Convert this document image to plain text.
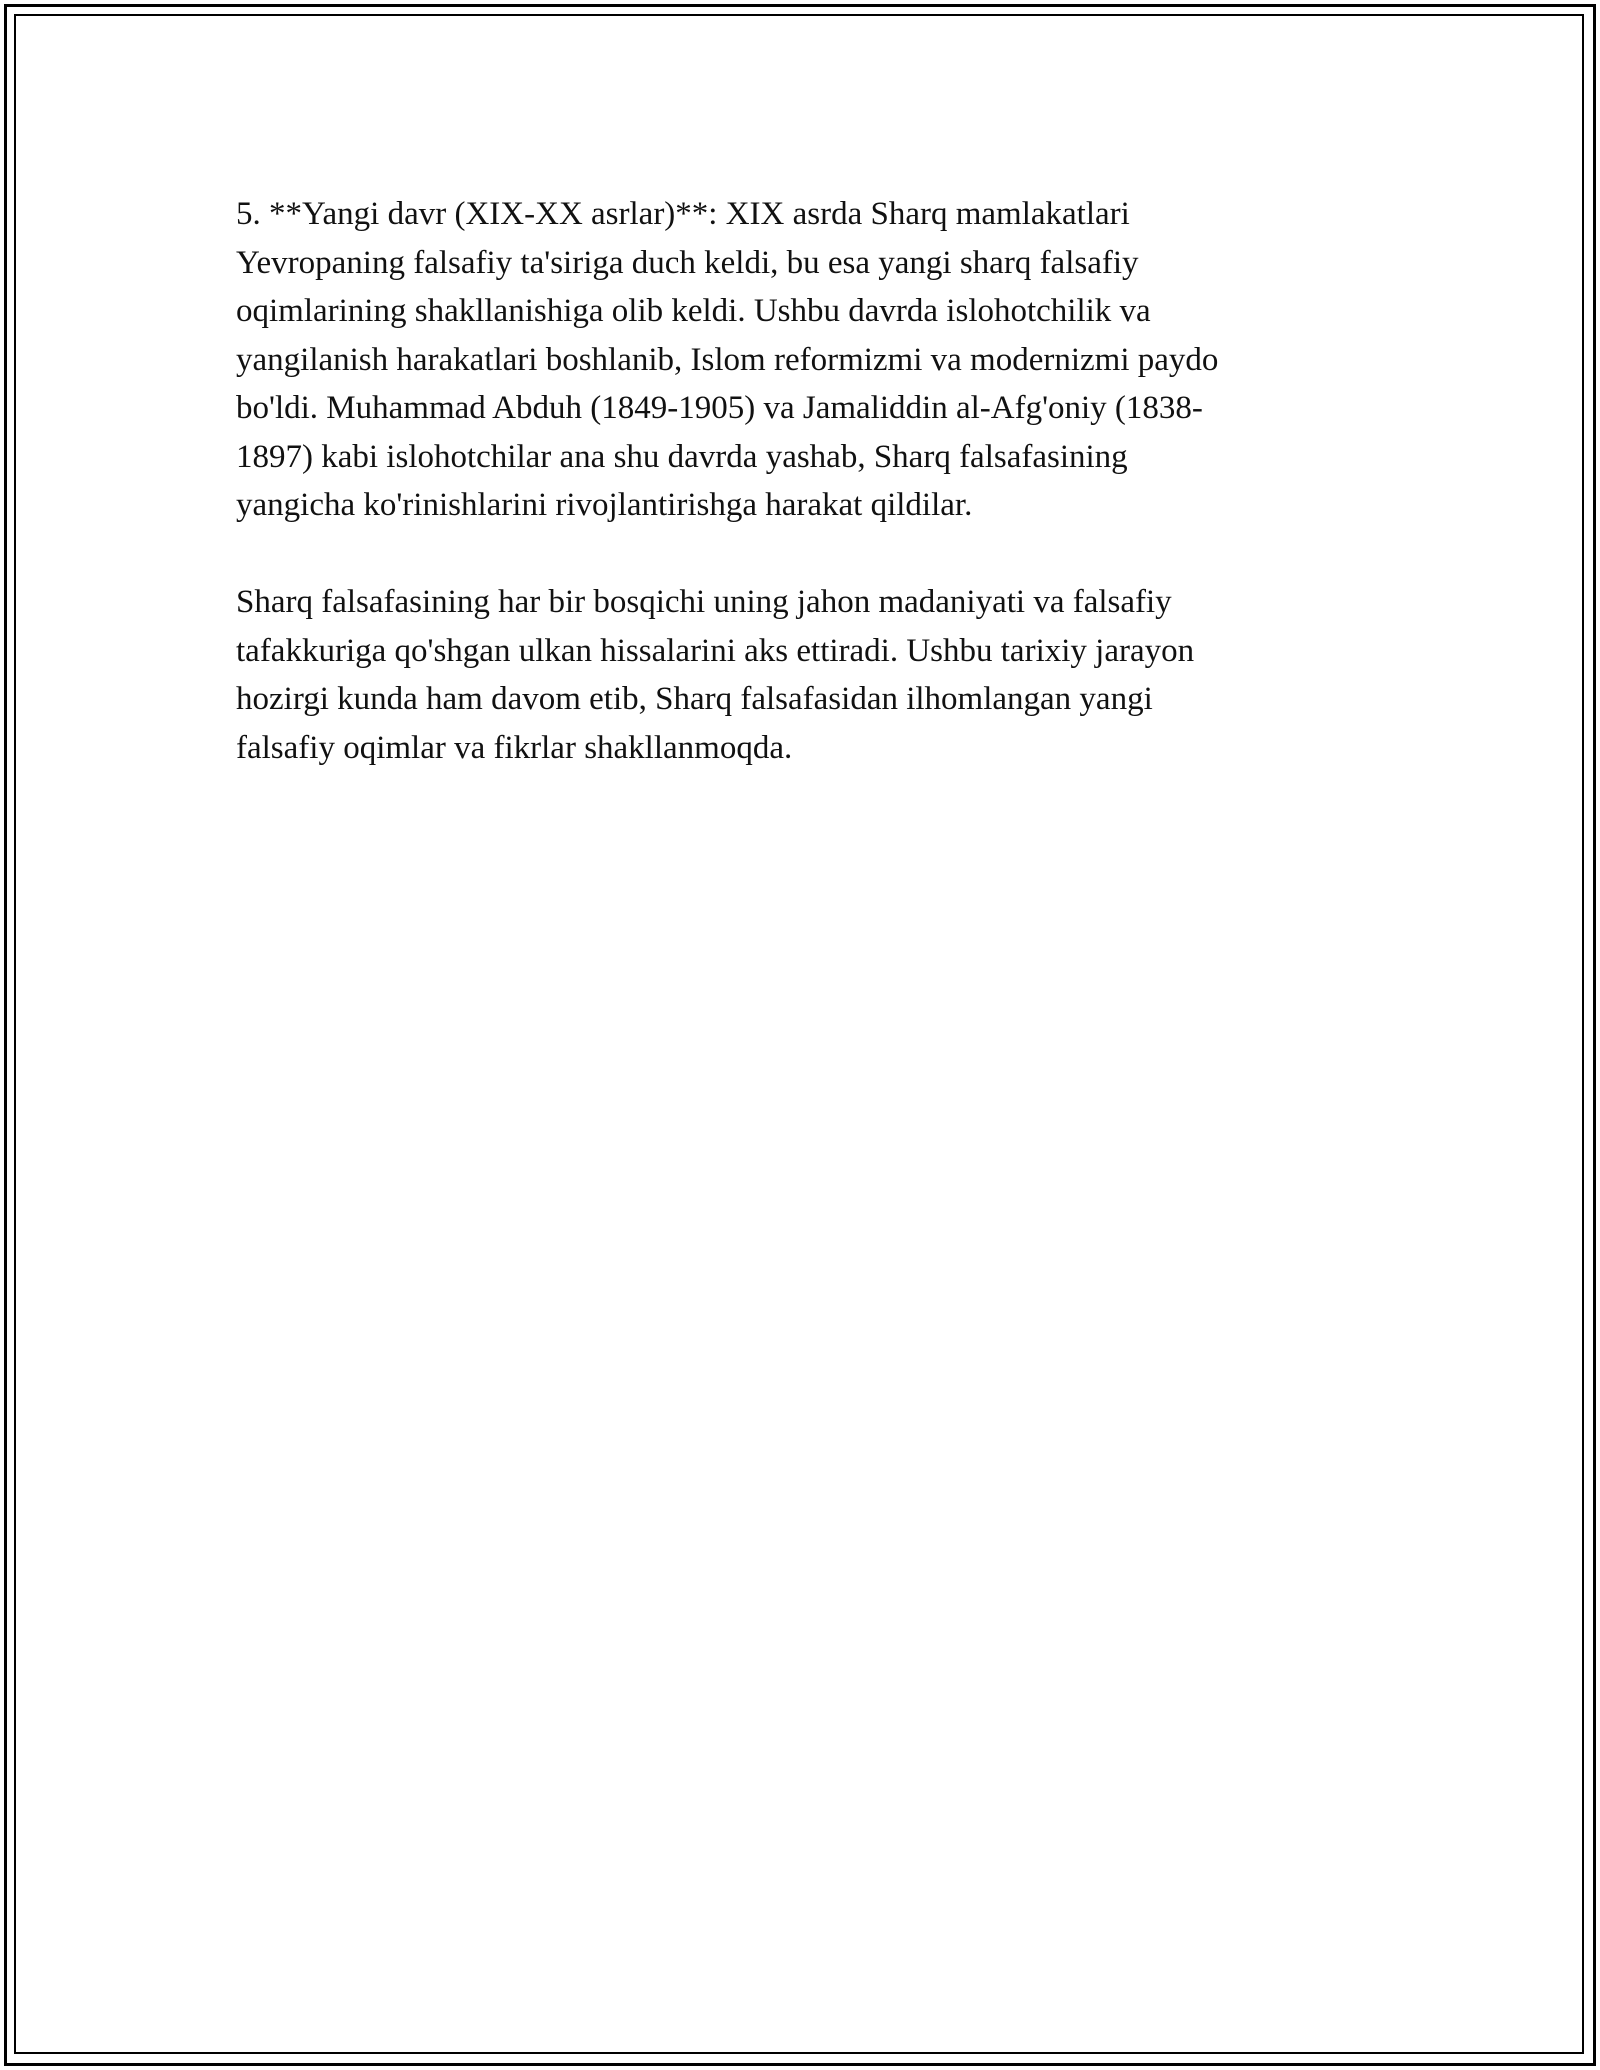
5. **Yangi davr (XIX-XX asrlar)**: XIX asrda Sharq mamlakatlari
Yevropaning falsafiy ta'siriga duch keldi, bu esa yangi sharq falsafiy
oqimlarining shakllanishiga olib keldi. Ushbu davrda islohotchilik va
yangilanish harakatlari boshlanib, Islom reformizmi va modernizmi paydo
bo'ldi. Muhammad Abduh (1849-1905) va Jamaliddin al-Afg'oniy (1838-
1897) kabi islohotchilar ana shu davrda yashab, Sharq falsafasining
yangicha ko'rinishlarini rivojlantirishga harakat qildilar.

Sharq falsafasining har bir bosqichi uning jahon madaniyati va falsafiy
tafakkuriga qo'shgan ulkan hissalarini aks ettiradi. Ushbu tarixiy jarayon
hozirgi kunda ham davom etib, Sharq falsafasidan ilhomlangan yangi
falsafiy oqimlar va fikrlar shakllanmoqda.
